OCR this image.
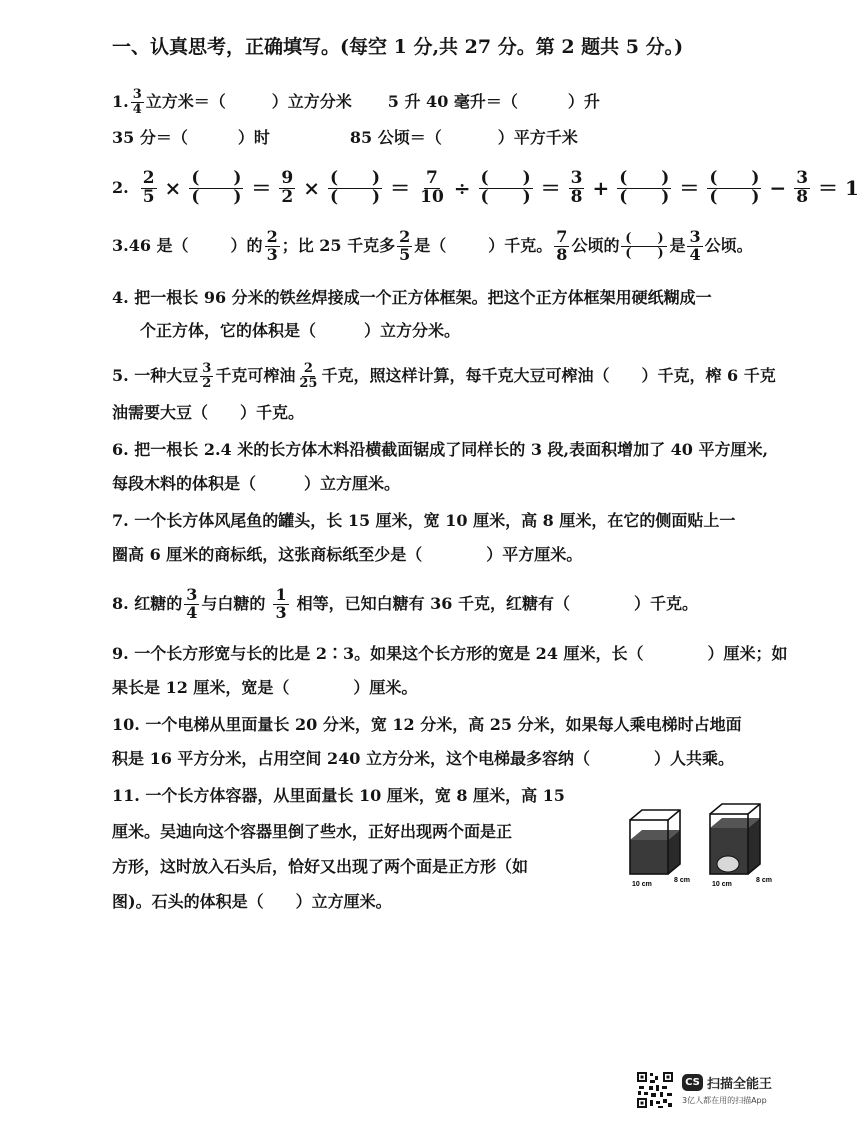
一、认真思考，正确填写。(每空 1 分,共 27 分。第 2 题共 5 分。)
1. $\frac{3}{4}$ 立方米＝（	）立方分米 5 升 40 毫升＝（	）升
35 分＝（	）时	85 公顷＝（	）平方千米
2. $\frac{2}{5} \times \frac{( )}{( )} = \frac{9}{2} \times \frac{( )}{( )} = \frac{7}{10} \div \frac{( )}{( )} = \frac{3}{8} + \frac{( )}{( )} = \frac{( )}{( )} - \frac{3}{8} = 1$
3.46 是（	）的 $\frac{2}{3}$ ；比 25 千克多 $\frac{2}{5}$ 是（	）千克。 $\frac{7}{8}$ 公顷的 $\frac{( )}{( )}$ 是 $\frac{3}{4}$ 公顷。
4. 把一根长 96 分米的铁丝焊接成一个正方体框架。把这个正方体框架用硬纸糊成一
个正方体，它的体积是（　　　）立方分米。
5. 一种大豆 $\frac{3}{2}$ 千克可榨油 $\frac{2}{25}$ 千克，照这样计算，每千克大豆可榨油（　　）千克，榨 6 千克
油需要大豆（　　）千克。
6. 把一根长 2.4 米的长方体木料沿横截面锯成了同样长的 3 段,表面积增加了 40 平方厘米,
每段木料的体积是（　　　）立方厘米。
7. 一个长方体风尾鱼的罐头，长 15 厘米，宽 10 厘米，高 8 厘米，在它的侧面贴上一
圈高 6 厘米的商标纸，这张商标纸至少是（　　　　）平方厘米。
8. 红糖的 $\frac{3}{4}$ 与白糖的 $\frac{1}{3}$ 相等，已知白糖有 36 千克，红糖有（　　　　）千克。
9. 一个长方形宽与长的比是 2∶3。如果这个长方形的宽是 24 厘米，长（　　　　）厘米；如
果长是 12 厘米，宽是（　　　　）厘米。
10. 一个电梯从里面量长 20 分米，宽 12 分米，高 25 分米，如果每人乘电梯时占地面
积是 16 平方分米，占用空间 240 立方分米，这个电梯最多容纳（　　　　）人共乘。
11. 一个长方体容器，从里面量长 10 厘米，宽 8 厘米，高 15
厘米。吴迪向这个容器里倒了些水，正好出现两个面是正
方形，这时放入石头后，恰好又出现了两个面是正方形（如
图)。石头的体积是（　　）立方厘米。
10 cm
8 cm
10 cm
8 cm
CS 扫描全能王
3亿人都在用的扫描App
